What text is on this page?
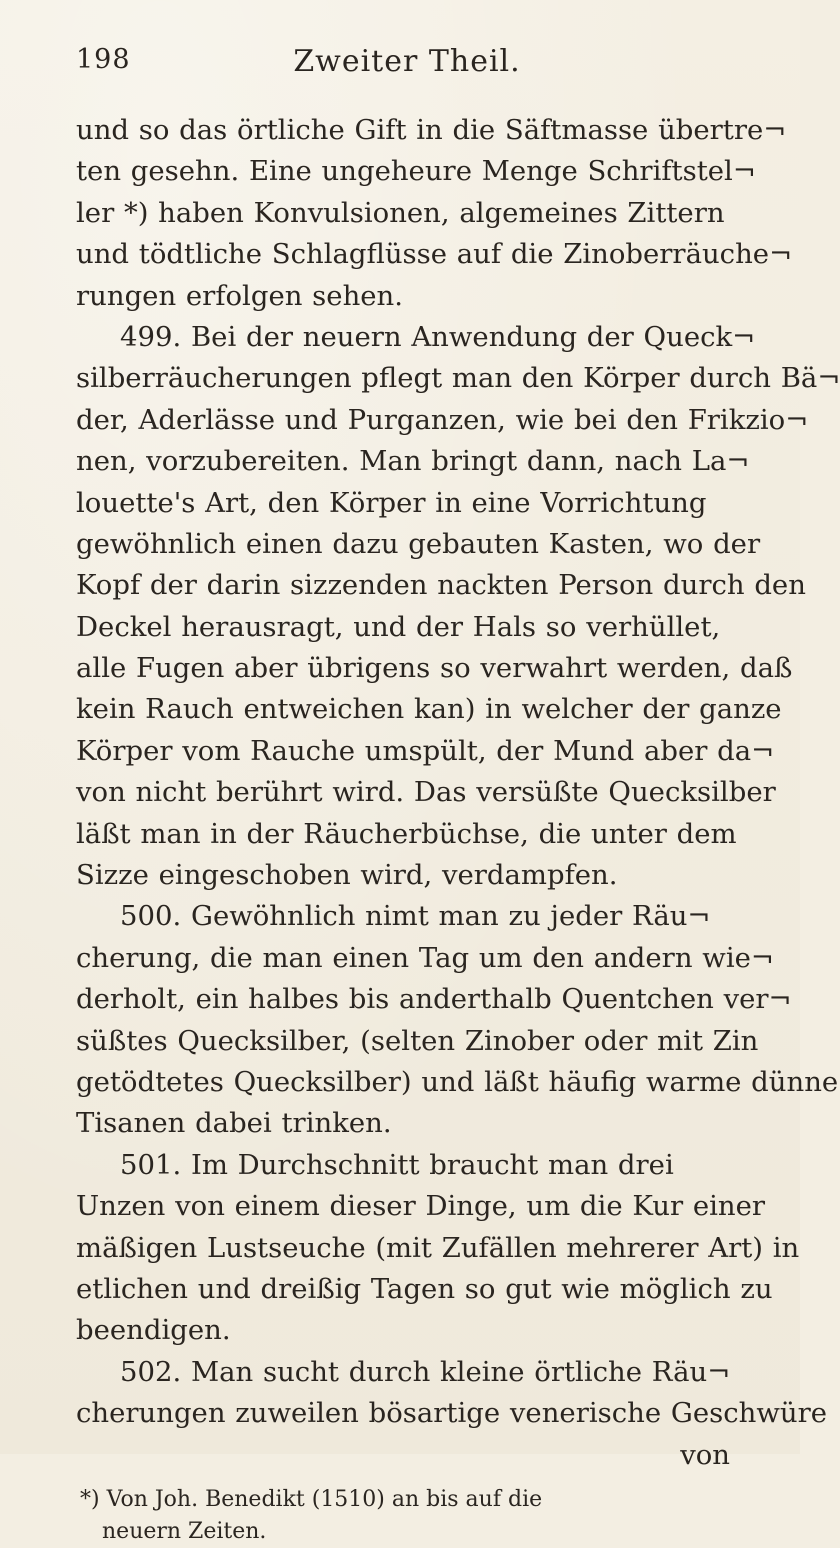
198	Zweiter Theil.
und so das örtliche Gift in die Säftmasse übertre¬
ten gesehn. Eine ungeheure Menge Schriftstel¬
ler *) haben Konvulsionen, algemeines Zittern
und tödtliche Schlagflüsse auf die Zinoberräuche¬
rungen erfolgen sehen.
499. Bei der neuern Anwendung der Queck¬
silberräucherungen pflegt man den Körper durch Bä¬
der, Aderlässe und Purganzen, wie bei den Frikzio¬
nen, vorzubereiten. Man bringt dann, nach La¬
louette's Art, den Körper in eine Vorrichtung
gewöhnlich einen dazu gebauten Kasten, wo der
Kopf der darin sizzenden nackten Person durch den
Deckel herausragt, und der Hals so verhüllet,
alle Fugen aber übrigens so verwahrt werden, daß
kein Rauch entweichen kan) in welcher der ganze
Körper vom Rauche umspült, der Mund aber da¬
von nicht berührt wird. Das versüßte Quecksilber
läßt man in der Räucherbüchse, die unter dem
Sizze eingeschoben wird, verdampfen.
500. Gewöhnlich nimt man zu jeder Räu¬
cherung, die man einen Tag um den andern wie¬
derholt, ein halbes bis anderthalb Quentchen ver¬
süßtes Quecksilber, (selten Zinober oder mit Zin
getödtetes Quecksilber) und läßt häufig warme dünne
Tisanen dabei trinken.
501. Im Durchschnitt braucht man drei
Unzen von einem dieser Dinge, um die Kur einer
mäßigen Lustseuche (mit Zufällen mehrerer Art) in
etlichen und dreißig Tagen so gut wie möglich zu
beendigen.
502. Man sucht durch kleine örtliche Räu¬
cherungen zuweilen bösartige venerische Geschwüre
von
*) Von Joh. Benedikt (1510) an bis auf die
neuern Zeiten.
